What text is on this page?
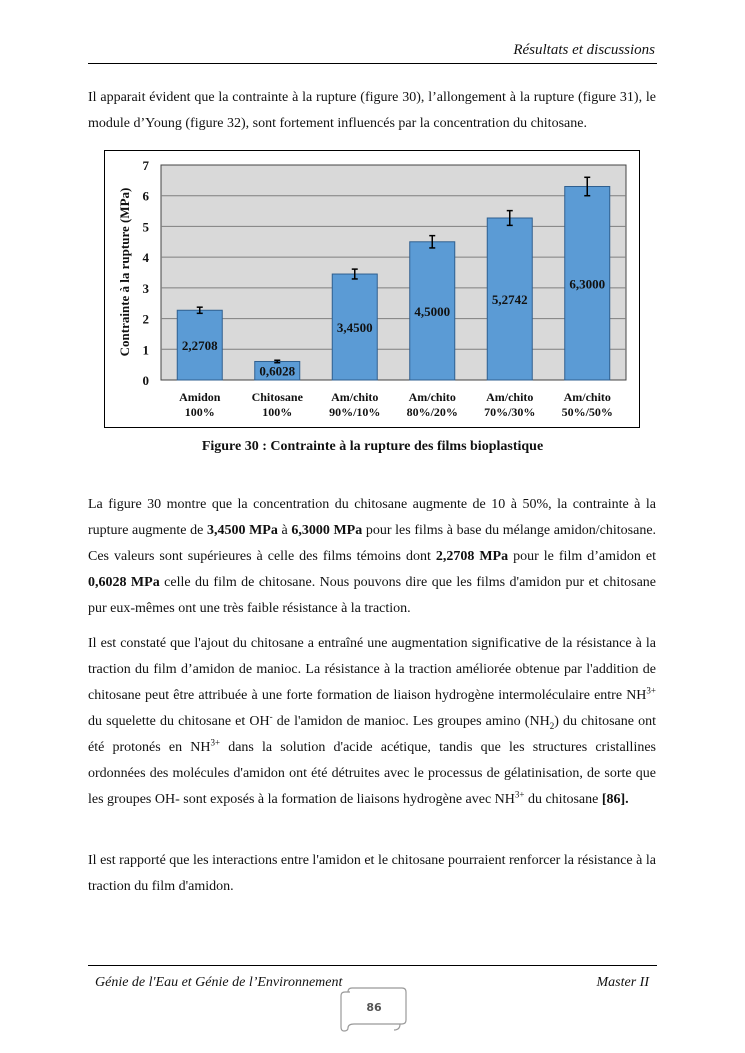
Résultats et discussions

Il apparait évident que la contrainte à la rupture (figure 30), l’allongement à la rupture (figure 31), le module d’Young (figure 32), sont fortement influencés par la concentration du chitosane.

2,2708
0,6028
3,4500
4,5000
5,2742
6,3000
0
1
2
3
4
5
6
7
Amidon
100%
Chitosane
100%
Am/chito
90%/10%
Am/chito
80%/20%
Am/chito
70%/30%
Am/chito
50%/50%
Contrainte à la rupture (MPa)
Figure 30 : Contrainte à la rupture des films bioplastique

La figure 30 montre que la concentration du chitosane augmente de 10 à 50%, la contrainte à la rupture augmente de 3,4500 MPa à 6,3000 MPa pour les films à base du mélange amidon/chitosane. Ces valeurs sont supérieures à celle des films témoins dont 2,2708 MPa pour le film d’amidon et 0,6028 MPa celle du film de chitosane. Nous pouvons dire que les films d'amidon pur et chitosane pur eux-mêmes ont une très faible résistance à la traction.

Il est constaté que l'ajout du chitosane a entraîné une augmentation significative de la résistance à la traction du film d’amidon de manioc. La résistance à la traction améliorée obtenue par l'addition de chitosane peut être attribuée à une forte formation de liaison hydrogène intermoléculaire entre $NH^{3+}$ du squelette du chitosane et OH- de l'amidon de manioc. Les groupes amino $(NH_2)$ du chitosane ont été protonés en $NH^{3+}$ dans la solution d'acide acétique, tandis que les structures cristallines ordonnées des molécules d'amidon ont été détruites avec le processus de gélatinisation, de sorte que les groupes OH- sont exposés à la formation de liaisons hydrogène avec $NH^{3+}$ du chitosane [86].

Il est rapporté que les interactions entre l'amidon et le chitosane pourraient renforcer la résistance à la traction du film d'amidon.

Génie de l'Eau et Génie de l’Environnement	Master II
86
